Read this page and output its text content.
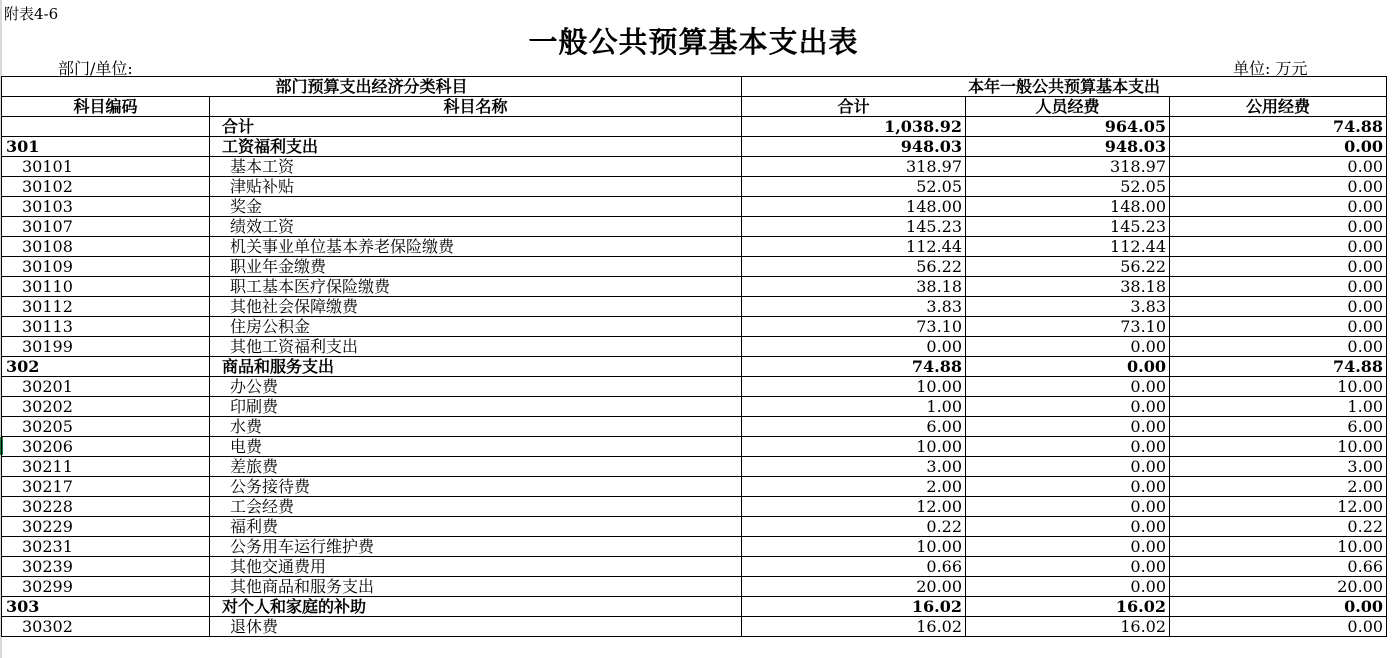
附表4-6
一般公共预算基本支出表
部门/单位:	单位: 万元
部门预算支出经济分类科目		本年一般公共预算基本支出		
科目编码	科目名称	合计	人员经费	公用经费
	合计	1,038.92	964.05	74.88
301	工资福利支出	948.03	948.03	0.00
30101	基本工资	318.97	318.97	0.00
30102	津贴补贴	52.05	52.05	0.00
30103	奖金	148.00	148.00	0.00
30107	绩效工资	145.23	145.23	0.00
30108	机关事业单位基本养老保险缴费	112.44	112.44	0.00
30109	职业年金缴费	56.22	56.22	0.00
30110	职工基本医疗保险缴费	38.18	38.18	0.00
30112	其他社会保障缴费	3.83	3.83	0.00
30113	住房公积金	73.10	73.10	0.00
30199	其他工资福利支出	0.00	0.00	0.00
302	商品和服务支出	74.88	0.00	74.88
30201	办公费	10.00	0.00	10.00
30202	印刷费	1.00	0.00	1.00
30205	水费	6.00	0.00	6.00
30206	电费	10.00	0.00	10.00
30211	差旅费	3.00	0.00	3.00
30217	公务接待费	2.00	0.00	2.00
30228	工会经费	12.00	0.00	12.00
30229	福利费	0.22	0.00	0.22
30231	公务用车运行维护费	10.00	0.00	10.00
30239	其他交通费用	0.66	0.00	0.66
30299	其他商品和服务支出	20.00	0.00	20.00
303	对个人和家庭的补助	16.02	16.02	0.00
30302	退休费	16.02	16.02	0.00
